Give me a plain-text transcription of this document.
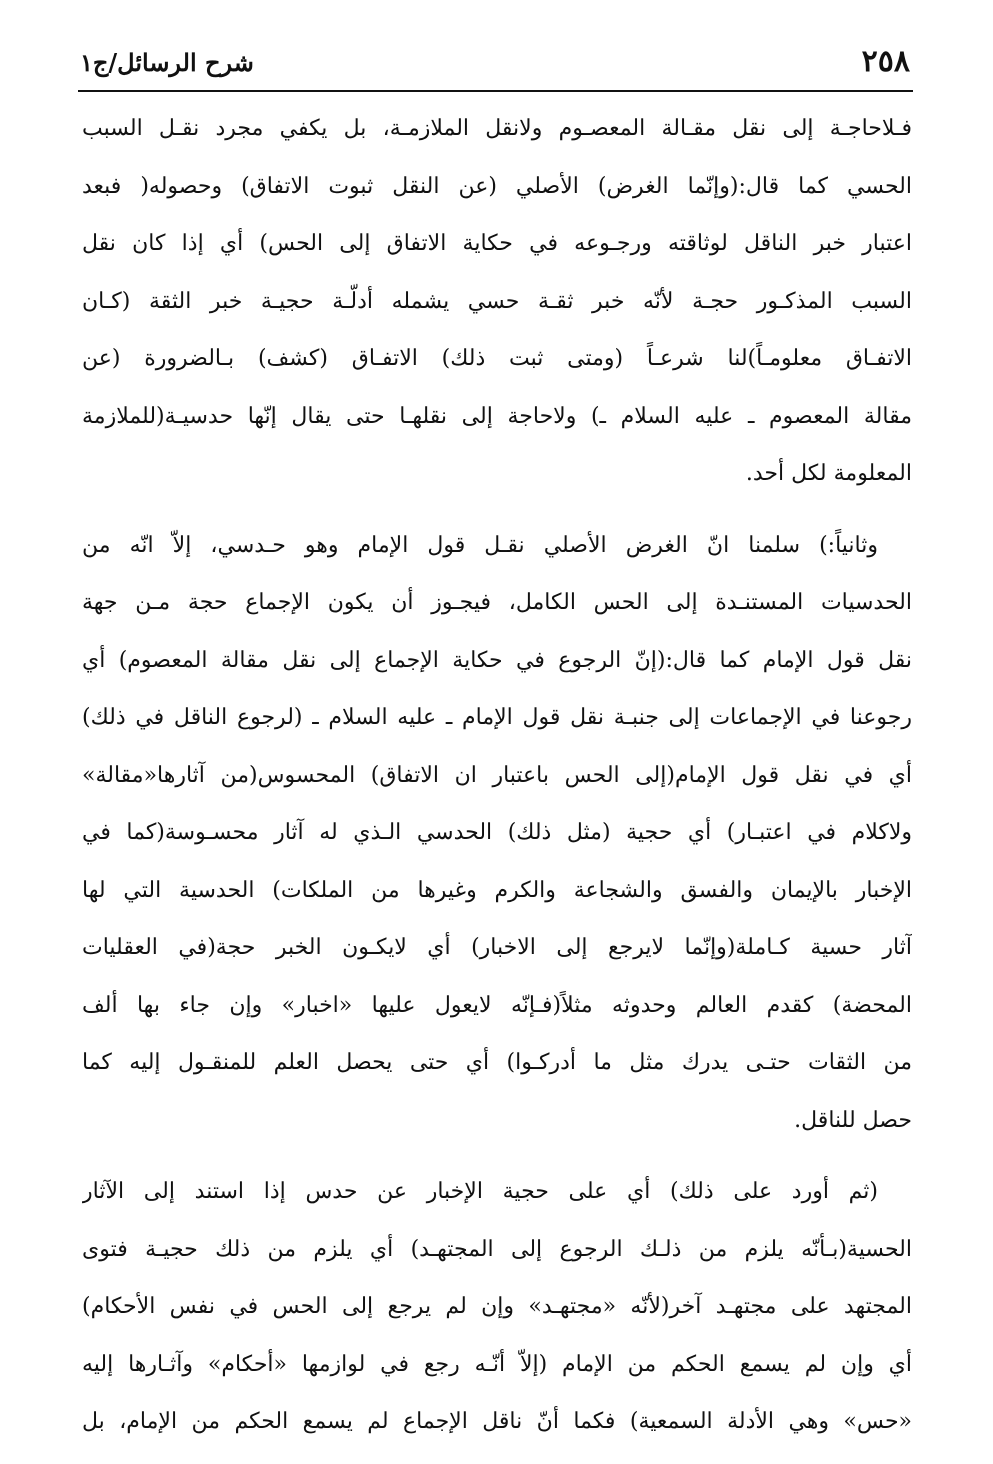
٢٥٨
شرح الرسائل/ج١
فـلاحاجـة إلى نقل مقـالة المعصـوم ولانقل الملازمـة، بل يكفي مجرد نقـل السبب
الحسي كما قال:(وإنّما الغرض) الأصلي (عن النقل ثبوت الاتفاق) وحصوله( فبعد
اعتبار خبر الناقل لوثاقته ورجـوعه في حكاية الاتفاق إلى الحس) أي إذا كان نقل
السبب المذكـور حجـة لأنّه خبر ثقـة حسي يشمله أدلّـة حجيـة خبر الثقة (كـان
الاتفـاق معلومـاً)لنا شرعـاً (ومتى ثبت ذلك) الاتفـاق (كشف) بـالضرورة (عن
مقالة المعصوم ـ عليه السلام ـ) ولاحاجة إلى نقلهـا حتى يقال إنّها حدسيـة(للملازمة
المعلومة لكل أحد.
وثانياً:) سلمنا انّ الغرض الأصلي نقـل قول الإمام وهو حـدسي، إلاّ انّه من
الحدسيات المستنـدة إلى الحس الكامل، فيجـوز أن يكون الإجماع حجة مـن جهة
نقل قول الإمام كما قال:(إنّ الرجوع في حكاية الإجماع إلى نقل مقالة المعصوم) أي
رجوعنا في الإجماعات إلى جنبـة نقل قول الإمام ـ عليه السلام ـ (لرجوع الناقل في ذلك)
أي في نقل قول الإمام(إلى الحس باعتبار ان الاتفاق) المحسوس(من آثارها«مقالة»
ولاكلام في اعتبـار) أي حجية (مثل ذلك) الحدسي الـذي له آثار محسـوسة(كما في
الإخبار بالإيمان والفسق والشجاعة والكرم وغيرها من الملكات) الحدسية التي لها
آثار حسية كـاملة(وإنّما لايرجع إلى الاخبار) أي لايكـون الخبر حجة(في العقليات
المحضة) كقدم العالم وحدوثه مثلاً(فـإنّه لايعول عليها «اخبار» وإن جاء بها ألف
من الثقات حتـى يدرك مثل ما أدركـوا) أي حتى يحصل العلم للمنقـول إليه كما
حصل للناقل.
(ثم أورد على ذلك) أي على حجية الإخبار عن حدس إذا استند إلى الآثار
الحسية(بـأنّه يلزم من ذلـك الرجوع إلى المجتهـد) أي يلزم من ذلك حجيـة فتوى
المجتهد على مجتهـد آخر(لأنّه «مجتهـد» وإن لم يرجع إلى الحس في نفس الأحكام)
أي وإن لم يسمع الحكم من الإمام (إلاّ أنّـه رجع في لوازمها «أحكام» وآثـارها إليه
«حس» وهي الأدلة السمعية) فكما أنّ ناقل الإجماع لم يسمع الحكم من الإمام، بل
